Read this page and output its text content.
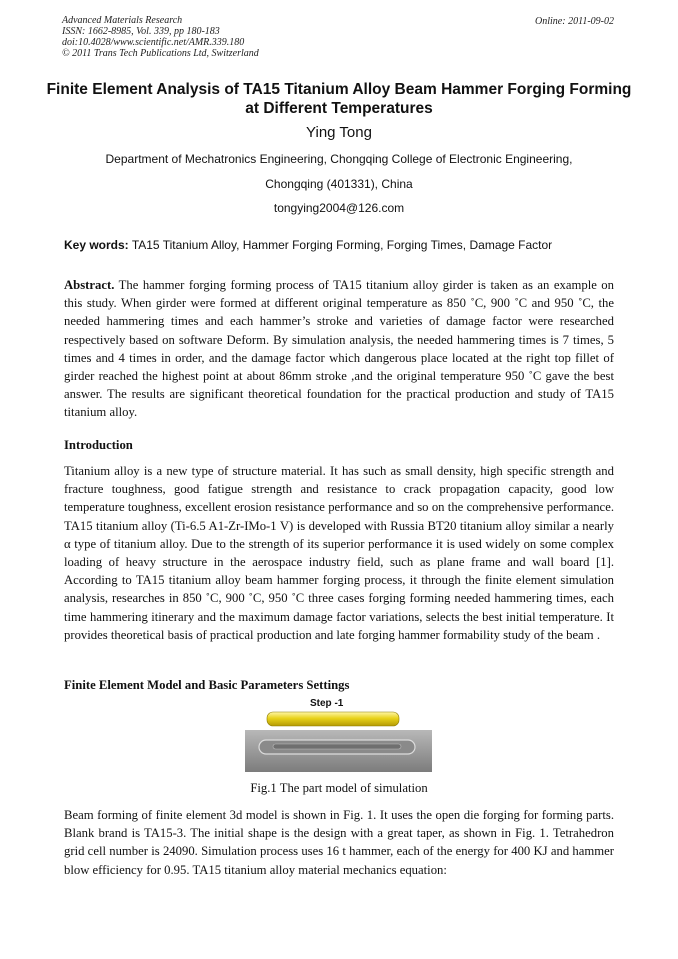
Advanced Materials Research
ISSN: 1662-8985, Vol. 339, pp 180-183
doi:10.4028/www.scientific.net/AMR.339.180
© 2011 Trans Tech Publications Ltd, Switzerland
Online: 2011-09-02
Finite Element Analysis of TA15 Titanium Alloy Beam Hammer Forging Forming at Different Temperatures
Ying Tong
Department of Mechatronics Engineering, Chongqing College of Electronic Engineering,
Chongqing (401331), China
tongying2004@126.com
Key words: TA15 Titanium Alloy, Hammer Forging Forming, Forging Times, Damage Factor

Abstract. The hammer forging forming process of TA15 titanium alloy girder is taken as an example on this study. When girder were formed at different original temperature as 850 ˚C, 900 ˚C and 950 ˚C, the needed hammering times and each hammer’s stroke and varieties of damage factor were researched respectively based on software Deform. By simulation analysis, the needed hammering times is 7 times, 5 times and 4 times in order, and the damage factor which dangerous place located at the right top fillet of girder reached the highest point at about 86mm stroke ,and the original temperature 950 ˚C gave the best answer. The results are significant theoretical foundation for the practical production and study of TA15 titanium alloy.

Introduction

Titanium alloy is a new type of structure material. It has such as small density, high specific strength and fracture toughness, good fatigue strength and resistance to crack propagation capacity, good low temperature toughness, excellent erosion resistance performance and so on the comprehensive performance. TA15 titanium alloy (Ti-6.5 A1-Zr-IMo-1 V) is developed with Russia BT20 titanium alloy similar a nearly α type of titanium alloy. Due to the strength of its superior performance it is used widely on some complex loading of heavy structure in the aerospace industry field, such as plane frame and wall board [1]. According to TA15 titanium alloy beam hammer forging process, it through the finite element simulation analysis, researches in 850 ˚C, 900 ˚C, 950 ˚C three cases forging forming needed hammering times, each time hammering itinerary and the maximum damage factor variations, selects the best initial temperature. It provides theoretical basis of practical production and late forging hammer formability study of the beam .

Finite Element Model and Basic Parameters Settings
Step -1
Fig.1 The part model of simulation

Beam forming of finite element 3d model is shown in Fig. 1. It uses the open die forging for forming parts. Blank brand is TA15-3. The initial shape is the design with a great taper, as shown in Fig. 1. Tetrahedron grid cell number is 24090. Simulation process uses 16 t hammer, each of the energy for 400 KJ and hammer blow efficiency for 0.95. TA15 titanium alloy material mechanics equation:
